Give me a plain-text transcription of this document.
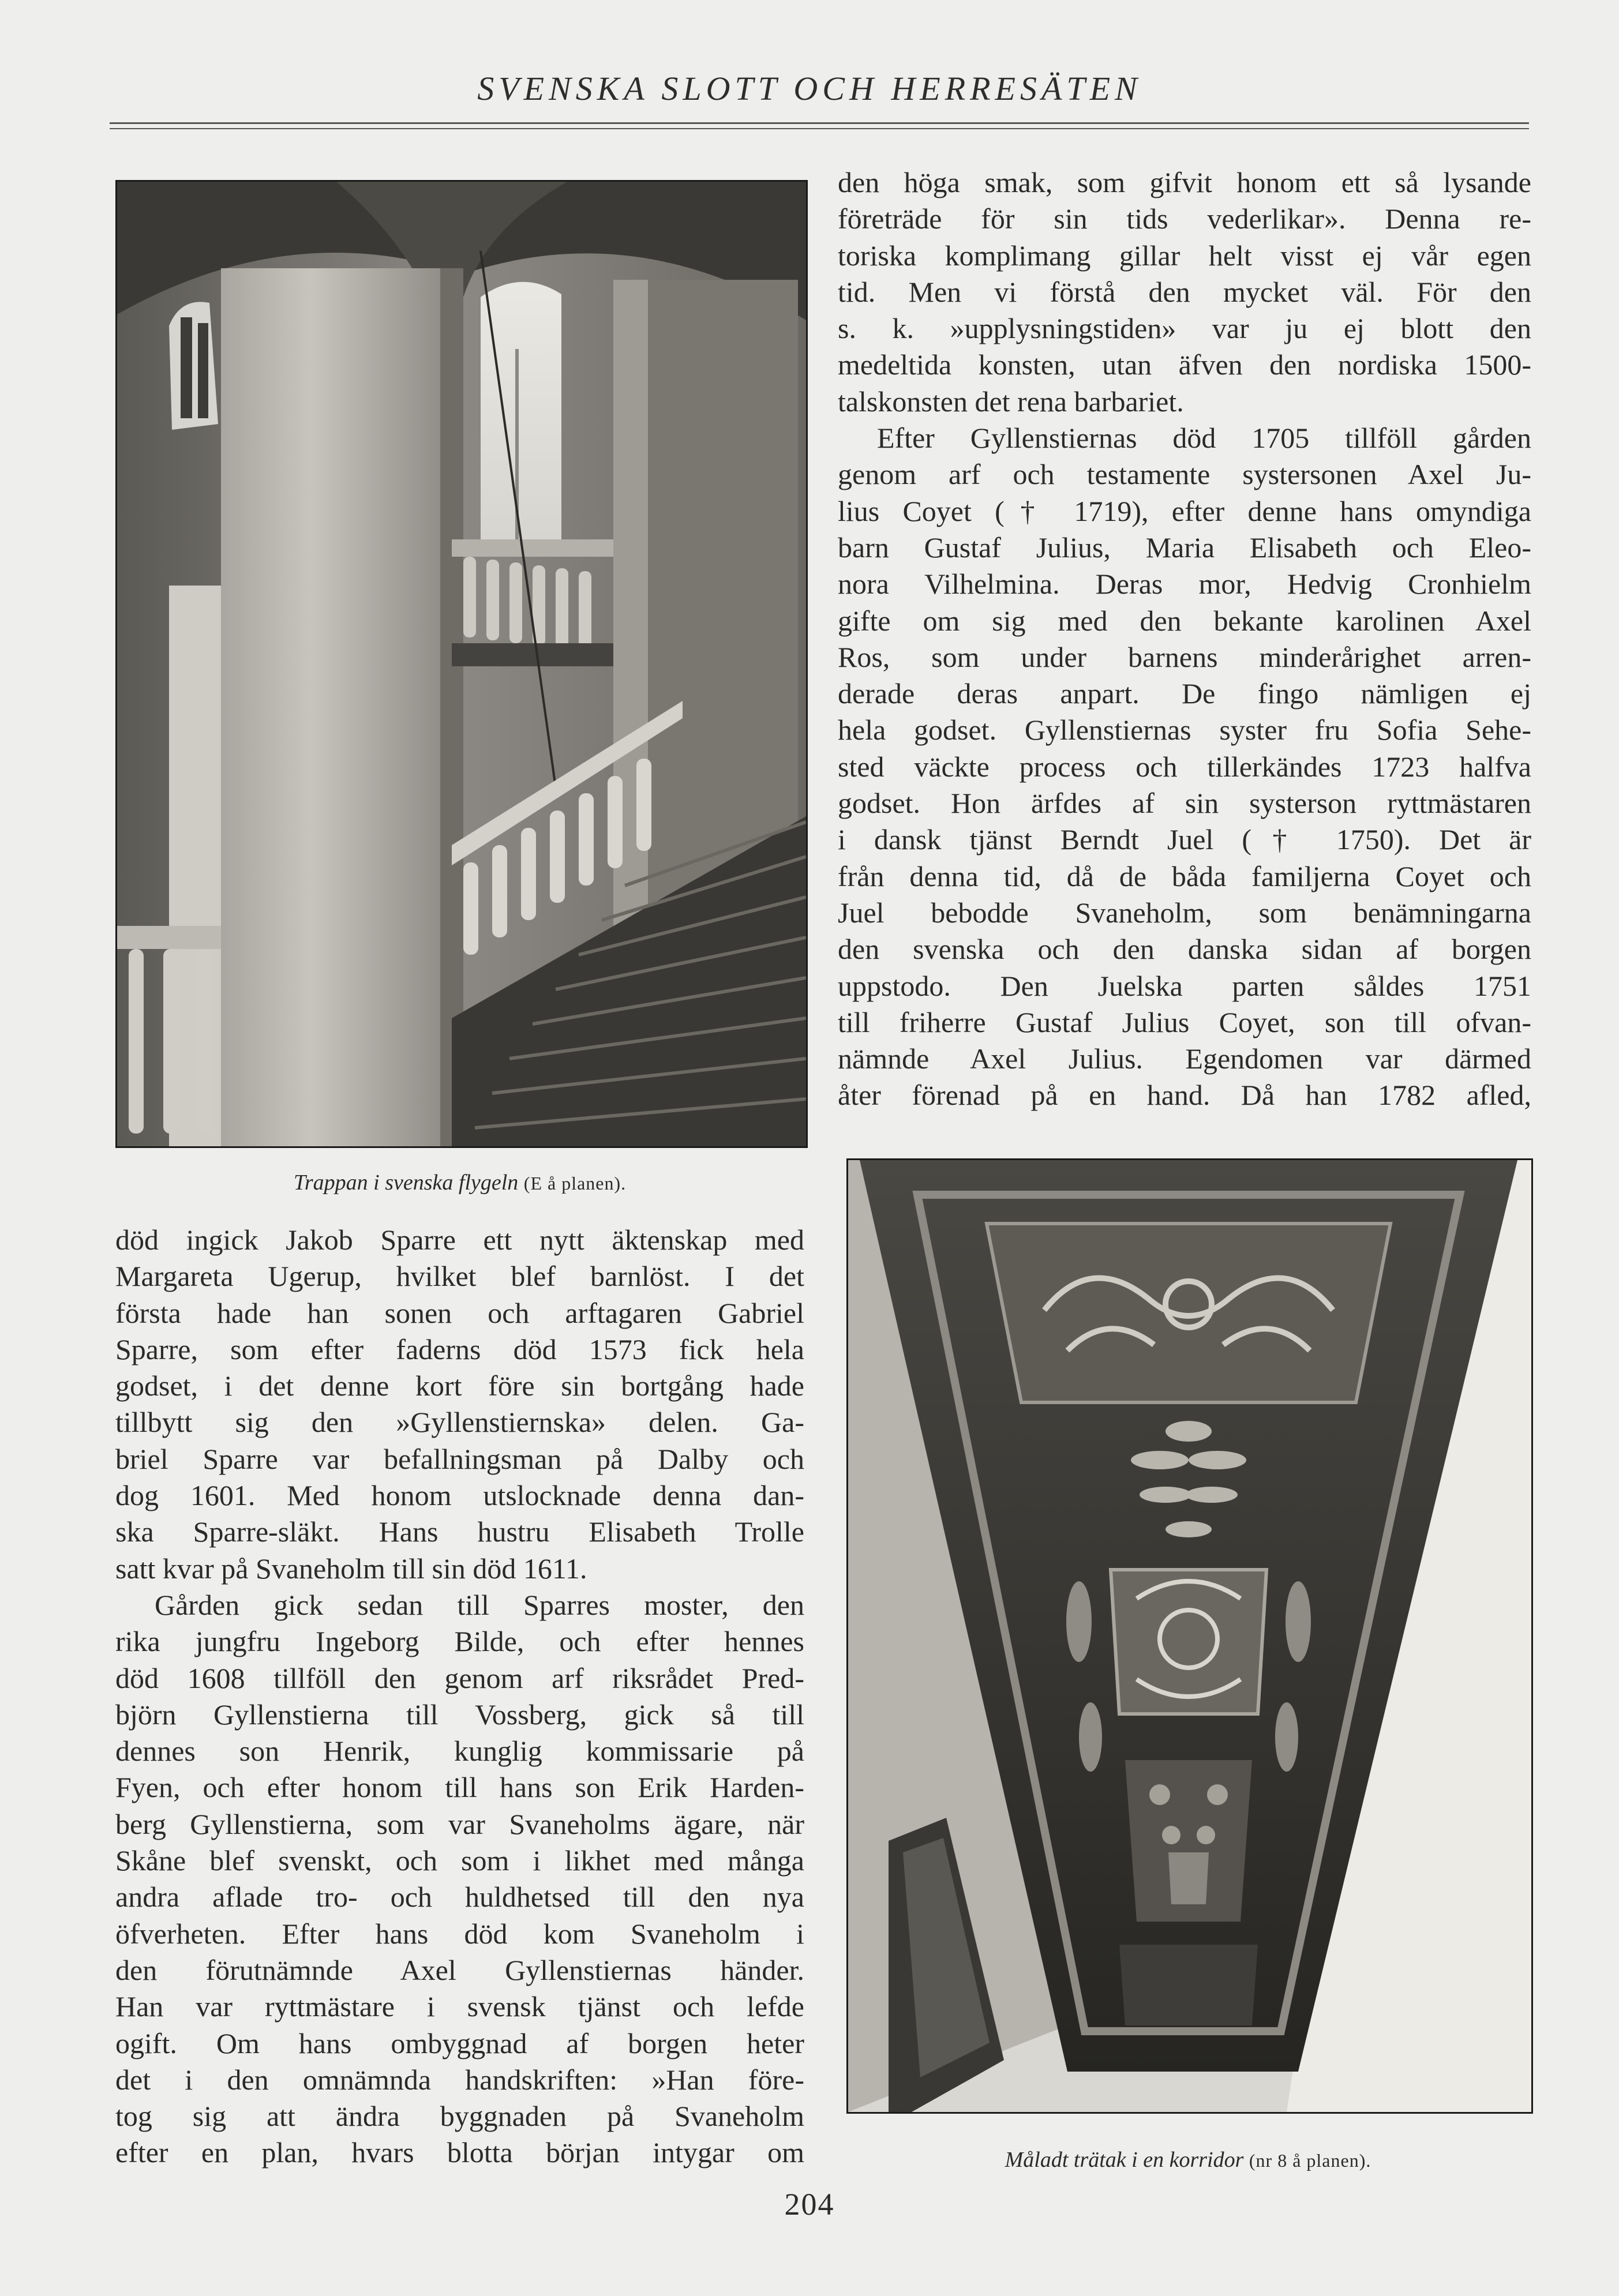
SVENSKA SLOTT OCH HERRESÄTEN
Trappan i svenska flygeln (E å planen).

den höga smak, som gifvit honom ett så lysande

företräde för sin tids vederlikar». Denna re-

toriska komplimang gillar helt visst ej vår egen

tid. Men vi förstå den mycket väl. För den

s. k. »upplysningstiden» var ju ej blott den

medeltida konsten, utan äfven den nordiska 1500-

talskonsten det rena barbariet.

Efter Gyllenstiernas död 1705 tillföll gården

genom arf och testamente systersonen Axel Ju-

lius Coyet († 1719), efter denne hans omyndiga

barn Gustaf Julius, Maria Elisabeth och Eleo-

nora Vilhelmina. Deras mor, Hedvig Cronhielm

gifte om sig med den bekante karolinen Axel

Ros, som under barnens minderårighet arren-

derade deras anpart. De fingo nämligen ej

hela godset. Gyllenstiernas syster fru Sofia Sehe-

sted väckte process och tillerkändes 1723 halfva

godset. Hon ärfdes af sin systerson ryttmästaren

i dansk tjänst Berndt Juel († 1750). Det är

från denna tid, då de båda familjerna Coyet och

Juel bebodde Svaneholm, som benämningarna

den svenska och den danska sidan af borgen

uppstodo. Den Juelska parten såldes 1751

till friherre Gustaf Julius Coyet, son till ofvan-

nämnde Axel Julius. Egendomen var därmed

åter förenad på en hand. Då han 1782 afled,

död ingick Jakob Sparre ett nytt äktenskap med

Margareta Ugerup, hvilket blef barnlöst. I det

första hade han sonen och arftagaren Gabriel

Sparre, som efter faderns död 1573 fick hela

godset, i det denne kort före sin bortgång hade

tillbytt sig den »Gyllenstiernska» delen. Ga-

briel Sparre var befallningsman på Dalby och

dog 1601. Med honom utslocknade denna dan-

ska Sparre-släkt. Hans hustru Elisabeth Trolle

satt kvar på Svaneholm till sin död 1611.

Gården gick sedan till Sparres moster, den

rika jungfru Ingeborg Bilde, och efter hennes

död 1608 tillföll den genom arf riksrådet Pred-

björn Gyllenstierna till Vossberg, gick så till

dennes son Henrik, kunglig kommissarie på

Fyen, och efter honom till hans son Erik Harden-

berg Gyllenstierna, som var Svaneholms ägare, när

Skåne blef svenskt, och som i likhet med många

andra aflade tro- och huldhetsed till den nya

öfverheten. Efter hans död kom Svaneholm i

den förutnämnde Axel Gyllenstiernas händer.

Han var ryttmästare i svensk tjänst och lefde

ogift. Om hans ombyggnad af borgen heter

det i den omnämnda handskriften: »Han före-

tog sig att ändra byggnaden på Svaneholm

efter en plan, hvars blotta början intygar om	Måladt trätak i en korridor (nr 8 å planen).
204
